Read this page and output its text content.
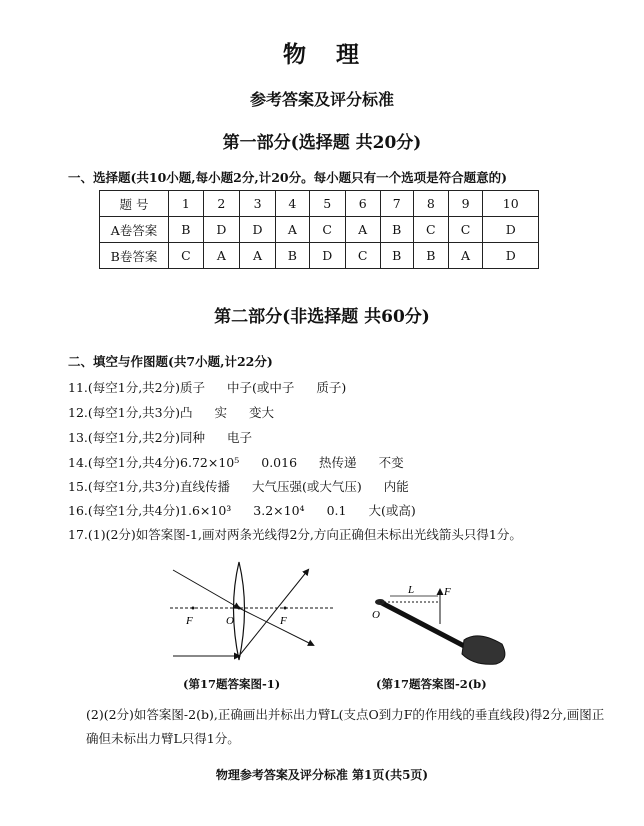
物 理
参考答案及评分标准
第一部分(选择题 共20分)
一、选择题(共10小题,每小题2分,计20分。每小题只有一个选项是符合题意的)
题 号	1	2	3	4	5	6	7	8	9	10
A卷答案	B	D	D	A	C	A	B	C	C	D
B卷答案	C	A	A	B	D	C	B	B	A	D
第二部分(非选择题 共60分)
二、填空与作图题(共7小题,计22分)
11.(每空1分,共2分)质子 中子(或中子 质子)
12.(每空1分,共3分)凸 实 变大
13.(每空1分,共2分)同种 电子
14.(每空1分,共4分)6.72×10⁵ 0.016 热传递 不变
15.(每空1分,共3分)直线传播 大气压强(或大气压) 内能
16.(每空1分,共4分)1.6×10³ 3.2×10⁴ 0.1 大(或高)
17.(1)(2分)如答案图-1,画对两条光线得2分,方向正确但未标出光线箭头只得1分。
F	O	F
L	F
O
(第17题答案图-1)	(第17题答案图-2(b)
(2)(2分)如答案图-2(b),正确画出并标出力臂L(支点O到力F的作用线的垂直线段)得2分,画图正确但未标出力臂L只得1分。
物理参考答案及评分标准 第1页(共5页)
